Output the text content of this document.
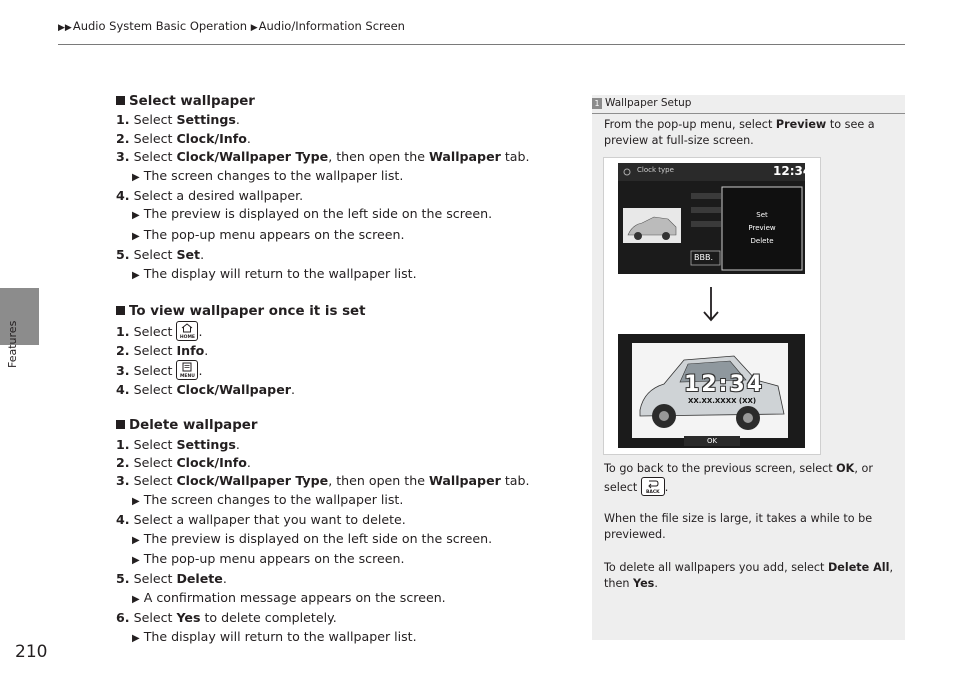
▶▶Audio System Basic Operation ▶Audio/Information Screen
Features
210

Select wallpaper

1. Select Settings.

2. Select Clock/Info.

3. Select Clock/Wallpaper Type, then open the Wallpaper tab.

▶ The screen changes to the wallpaper list.

4. Select a desired wallpaper.

▶ The preview is displayed on the left side on the screen.

▶ The pop-up menu appears on the screen.

5. Select Set.

▶ The display will return to the wallpaper list.

To view wallpaper once it is set

1. Select HOME .

2. Select Info.

3. Select MENU .

4. Select Clock/Wallpaper.

Delete wallpaper

1. Select Settings.

2. Select Clock/Info.

3. Select Clock/Wallpaper Type, then open the Wallpaper tab.

▶ The screen changes to the wallpaper list.

4. Select a wallpaper that you want to delete.

▶ The preview is displayed on the left side on the screen.

▶ The pop-up menu appears on the screen.

5. Select Delete.

▶ A confirmation message appears on the screen.

6. Select Yes to delete completely.

▶ The display will return to the wallpaper list.

1 Wallpaper Setup

From the pop-up menu, select Preview to see a preview at full-size screen.

To go back to the previous screen, select OK, or select	BACK .

When the file size is large, it takes a while to be previewed.

To delete all wallpapers you add, select Delete All, then Yes.

Clock type	12:34
BBB.
Set
Preview
Delete
12:34
XX.XX.XXXX (XX)
OK
